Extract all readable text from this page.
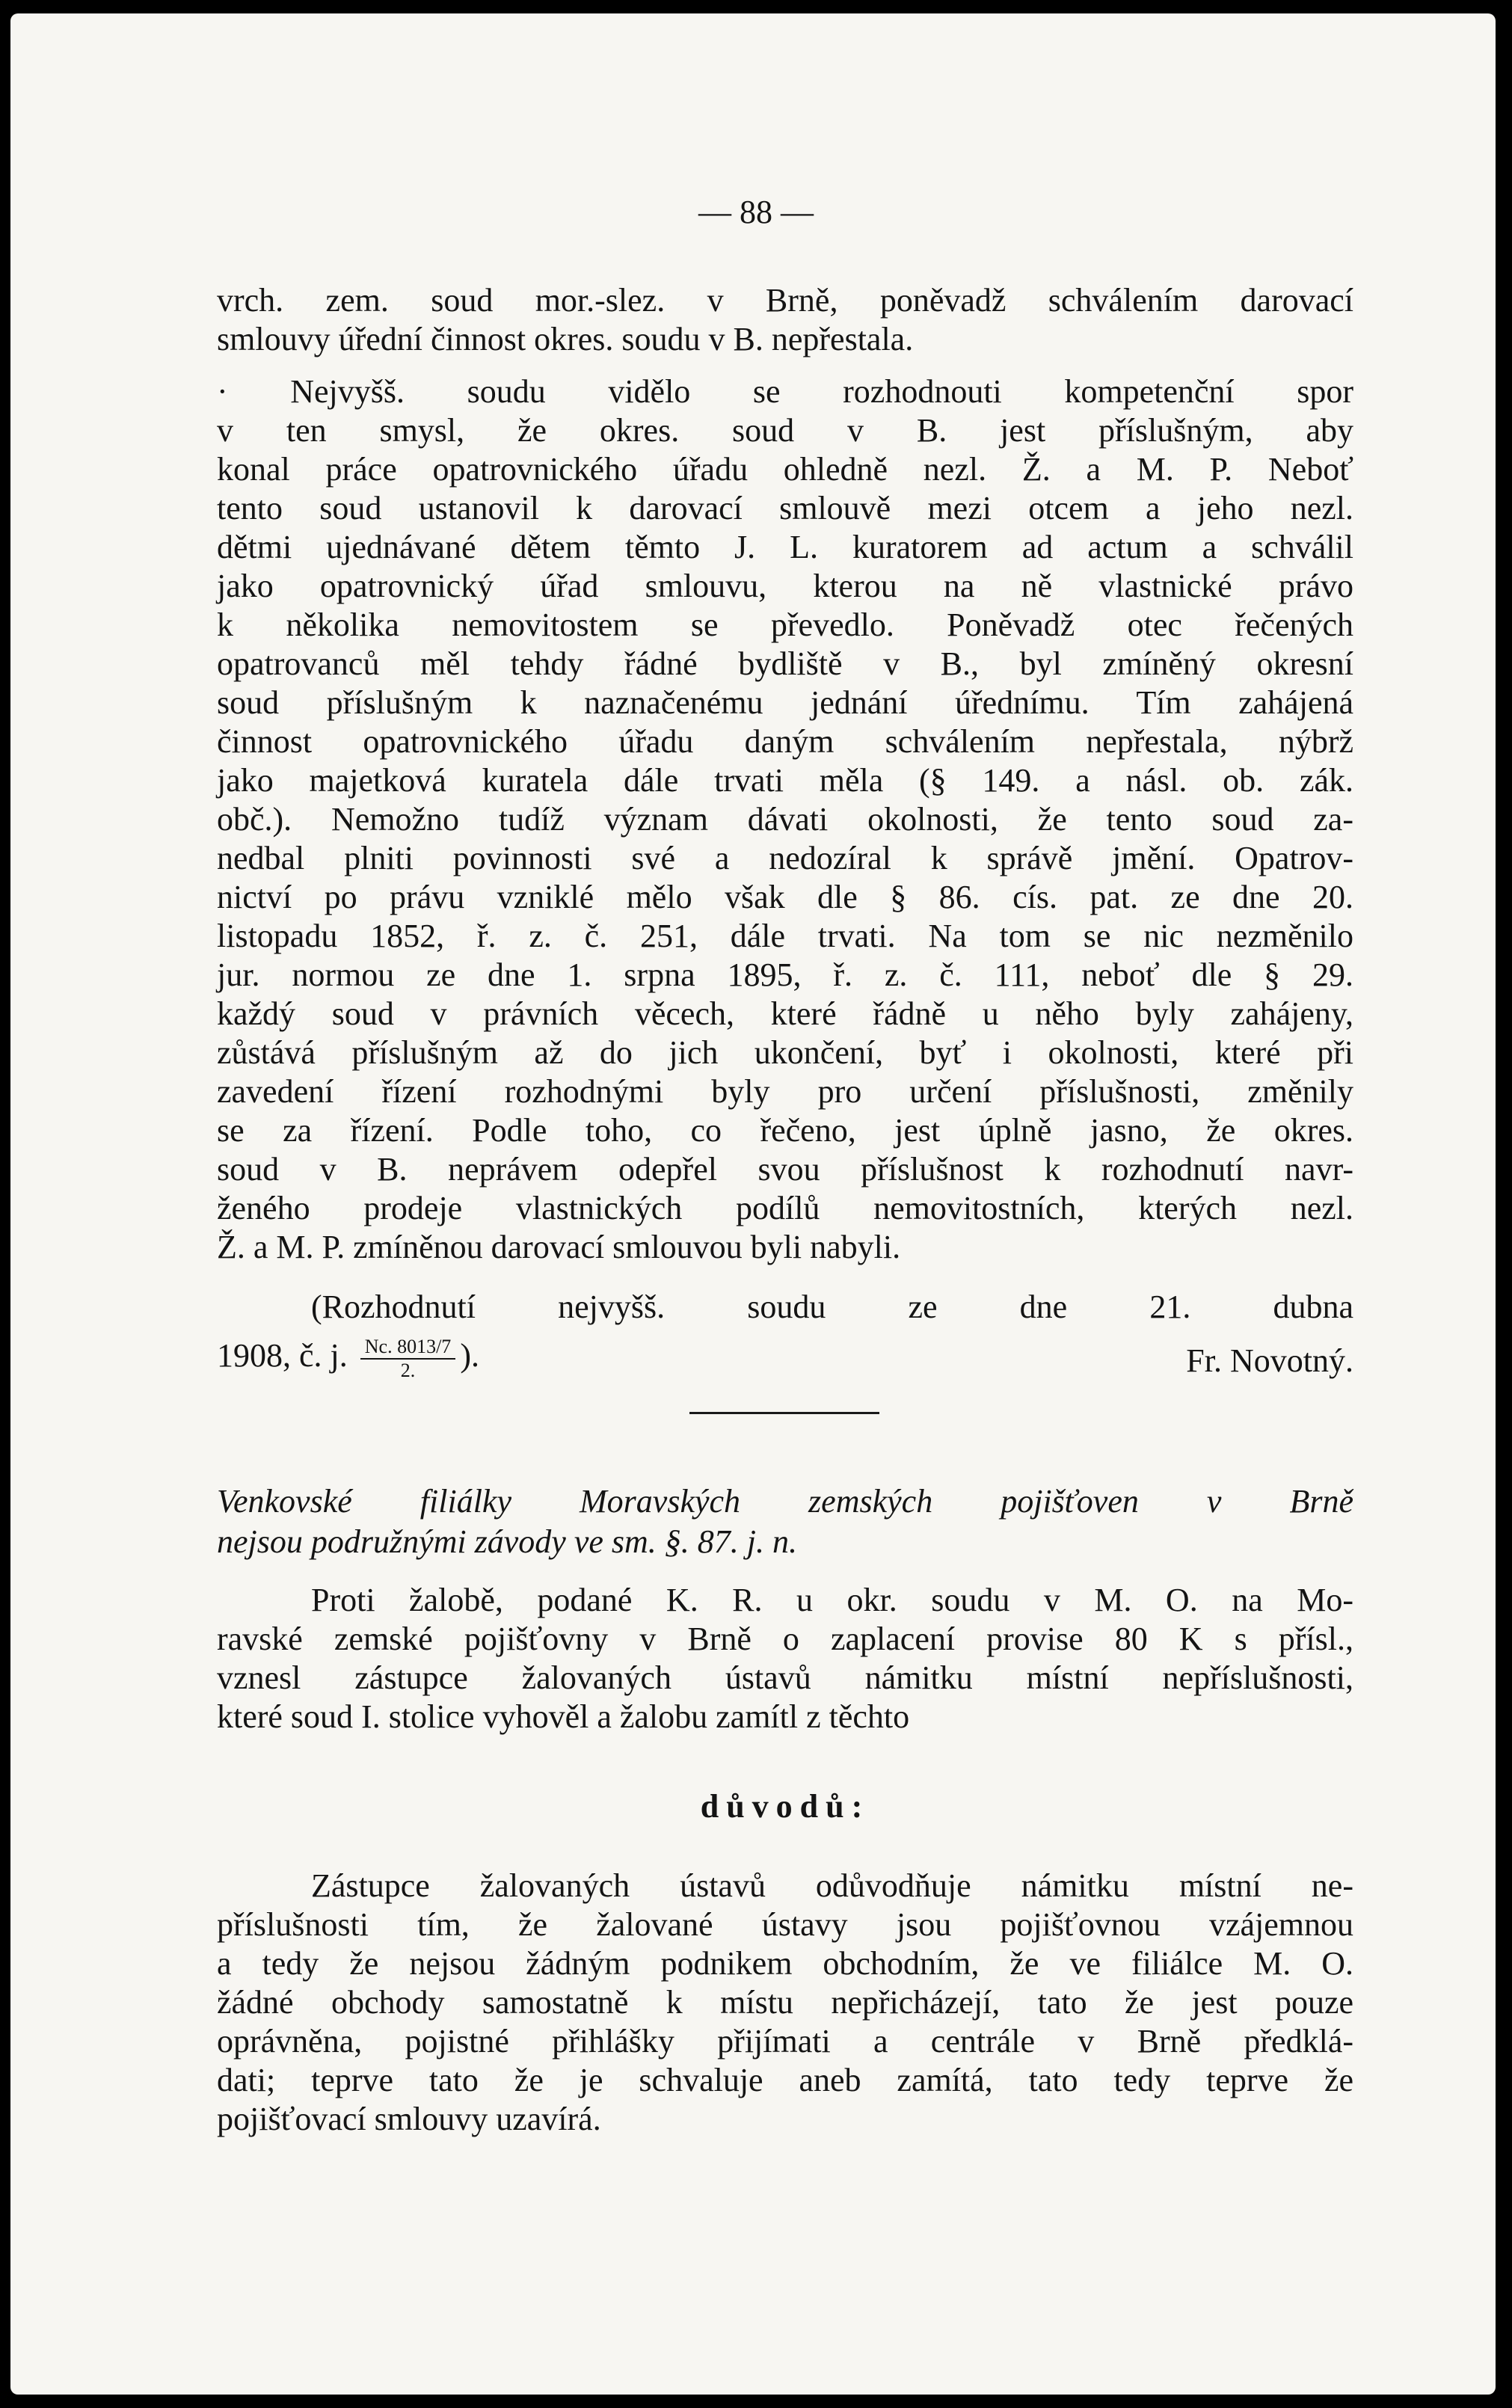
— 88 —
vrch. zem. soud mor.-slez. v Brně, poněvadž schválením darovací
smlouvy úřední činnost okres. soudu v B. nepřestala.
· Nejvyšš. soudu vidělo se rozhodnouti kompetenční spor
v ten smysl, že okres. soud v B. jest příslušným, aby
konal práce opatrovnického úřadu ohledně nezl. Ž. a M. P. Neboť
tento soud ustanovil k darovací smlouvě mezi otcem a jeho nezl.
dětmi ujednávané dětem těmto J. L. kuratorem ad actum a schválil
jako opatrovnický úřad smlouvu, kterou na ně vlastnické právo
k několika nemovitostem se převedlo. Poněvadž otec řečených
opatrovanců měl tehdy řádné bydliště v B., byl zmíněný okresní
soud příslušným k naznačenému jednání úřednímu. Tím zahájená
činnost opatrovnického úřadu daným schválením nepřestala, nýbrž
jako majetková kuratela dále trvati měla (§ 149. a násl. ob. zák.
obč.). Nemožno tudíž význam dávati okolnosti, že tento soud za-
nedbal plniti povinnosti své a nedozíral k správě jmění. Opatrov-
nictví po právu vzniklé mělo však dle § 86. cís. pat. ze dne 20.
listopadu 1852, ř. z. č. 251, dále trvati. Na tom se nic nezměnilo
jur. normou ze dne 1. srpna 1895, ř. z. č. 111, neboť dle § 29.
každý soud v právních věcech, které řádně u něho byly zahájeny,
zůstává příslušným až do jich ukončení, byť i okolnosti, které při
zavedení řízení rozhodnými byly pro určení příslušnosti, změnily
se za řízení. Podle toho, co řečeno, jest úplně jasno, že okres.
soud v B. neprávem odepřel svou příslušnost k rozhodnutí navr-
ženého prodeje vlastnických podílů nemovitostních, kterých nezl.
Ž. a M. P. zmíněnou darovací smlouvou byli nabyli.
(Rozhodnutí nejvyšš. soudu ze dne 21. dubna
1908, č. j. $\frac{Nc. 8013/7}{2.}$ ).	Fr. Novotný.
Venkovské filiálky Moravských zemských pojišťoven v Brně
nejsou podružnými závody ve sm. §. 87. j. n.
Proti žalobě, podané K. R. u okr. soudu v M. O. na Mo-
ravské zemské pojišťovny v Brně o zaplacení provise 80 K s přísl.,
vznesl zástupce žalovaných ústavů námitku místní nepříslušnosti,
které soud I. stolice vyhověl a žalobu zamítl z těchto
důvodů:
Zástupce žalovaných ústavů odůvodňuje námitku místní ne-
příslušnosti tím, že žalované ústavy jsou pojišťovnou vzájemnou
a tedy že nejsou žádným podnikem obchodním, že ve filiálce M. O.
žádné obchody samostatně k místu nepřicházejí, tato že jest pouze
oprávněna, pojistné přihlášky přijímati a centrále v Brně předklá-
dati; teprve tato že je schvaluje aneb zamítá, tato tedy teprve že
pojišťovací smlouvy uzavírá.
